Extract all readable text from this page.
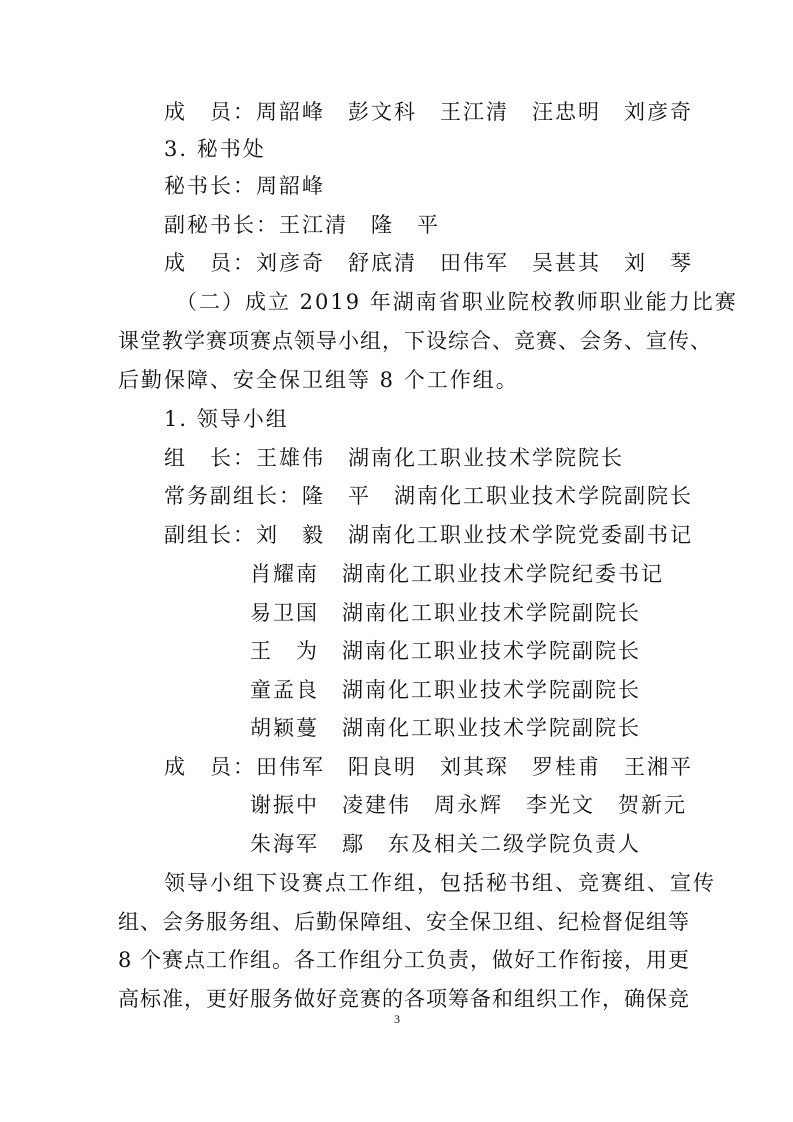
成　员：周韶峰　彭文科　王江清　汪忠明　刘彦奇
3. 秘书处
秘书长：周韶峰
副秘书长：王江清　隆　平
成　员：刘彦奇　舒底清　田伟军　吴甚其　刘　琴
（二）成立 2019 年湖南省职业院校教师职业能力比赛
课堂教学赛项赛点领导小组，下设综合、竞赛、会务、宣传、
后勤保障、安全保卫组等 8 个工作组。
1. 领导小组
组　长：王雄伟　湖南化工职业技术学院院长
常务副组长：隆　平　湖南化工职业技术学院副院长
副组长：刘　毅　湖南化工职业技术学院党委副书记
肖耀南　湖南化工职业技术学院纪委书记
易卫国　湖南化工职业技术学院副院长
王　为　湖南化工职业技术学院副院长
童孟良　湖南化工职业技术学院副院长
胡颖蔓　湖南化工职业技术学院副院长
成　员：田伟军　阳良明　刘其琛　罗桂甫　王湘平
谢振中　凌建伟　周永辉　李光文　贺新元
朱海军　鄢　东及相关二级学院负责人
领导小组下设赛点工作组，包括秘书组、竞赛组、宣传
组、会务服务组、后勤保障组、安全保卫组、纪检督促组等
8 个赛点工作组。各工作组分工负责，做好工作衔接，用更
高标准，更好服务做好竞赛的各项筹备和组织工作，确保竞
3
